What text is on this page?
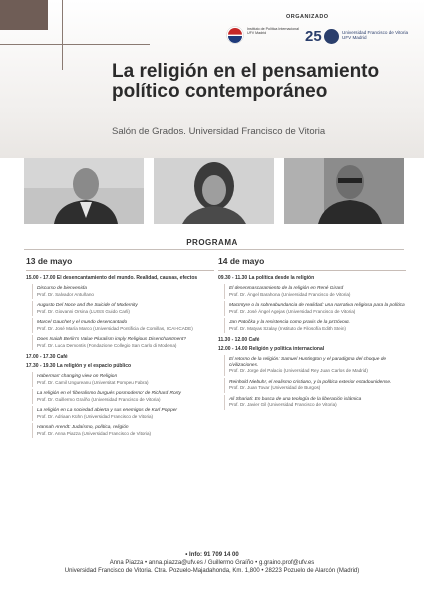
ORGANIZADO
Instituto de Política Internacional UFV Madrid	25	Universidad Francisco de Vitoria UFV Madrid
La religión en el pensamiento político contemporáneo
Salón de Grados. Universidad Francisco de Vitoria
PROGRAMA
13 de mayo
15.00 - 17.00 El desencantamiento del mundo. Realidad, causas, efectos
Discurso de bienvenida
Prof. Dr. Salvador Antuñano
Augusto Del Noce and the Suicide of Modernity
Prof. Dr. Giovanni Orsina (LUISS Guido Carli)
Marcel Gauchet y el mundo desencantado
Prof. Dr. José María Marco (Universidad Pontificia de Comillas, ICAI-ICADE)
Does Isaiah Berlin's Value Pluralism imply Religious Disenchantment?
Prof. Dr. Luca Demontis (Fondazione Collegio San Carlo di Modena)
17.00 - 17.30 Café
17.30 - 19.30 La religión y el espacio público
Habermas' changing view on Religion
Prof. Dr. Camil Ungureanu (Universitat Pompeu Fabra)
La religión en el 'liberalismo burgués posmoderno' de Richard Rorty
Prof. Dr. Guillermo Graíño (Universidad Francisco de Vitoria)
La religión en La sociedad abierta y sus enemigos de Karl Popper
Prof. Dr. Adriaan Kühn (Universidad Francisco de Vitoria)
Hannah Arendt: Judaísmo, política, religión
Prof. Dr. Anna Piazza (Universidad Francisco de Vitoria)
14 de mayo
09.30 - 11.30 La política desde la religión
El desenmascaramiento de la religión en René Girard
Prof. Dr. Ángel Barahona (Universidad Francisco de Vitoria)
MacIntyre o la sobreabundancia de realidad: una narrativa religiosa para la política
Prof. Dr. José Ángel Agejas (Universidad Francisco de Vitoria)
Jan Patočka y la resistencia como praxis de la pεττόvoια.
Prof. Dr. Matyas Szalay (Instituto de Filosofía Edith Stein)
11.30 - 12.00 Café
12.00 - 14.00 Religión y política internacional
El retorno de la religión: Samuel Huntington y el paradigma del choque de civilizaciones.
Prof. Dr. Jorge del Palacio (Universidad Rey Juan Carlos de Madrid)
Reinhold Niebuhr, el realismo cristiano, y la política exterior estadounidense.
Prof. Dr. Juan Tovar (Universidad de Burgos)
Ali Shariati: En busca de una teología de la liberación islámica
Prof. Dr. Javier Gil (Universidad Francisco de Vitoria)
• Info: 91 709 14 00
Anna Piazza • anna.piazza@ufv.es / Guillermo Graíño • g.graino.prof@ufv.es
Universidad Francisco de Vitoria. Ctra. Pozuelo-Majadahonda, Km. 1,800 • 28223 Pozuelo de Alarcón (Madrid)
